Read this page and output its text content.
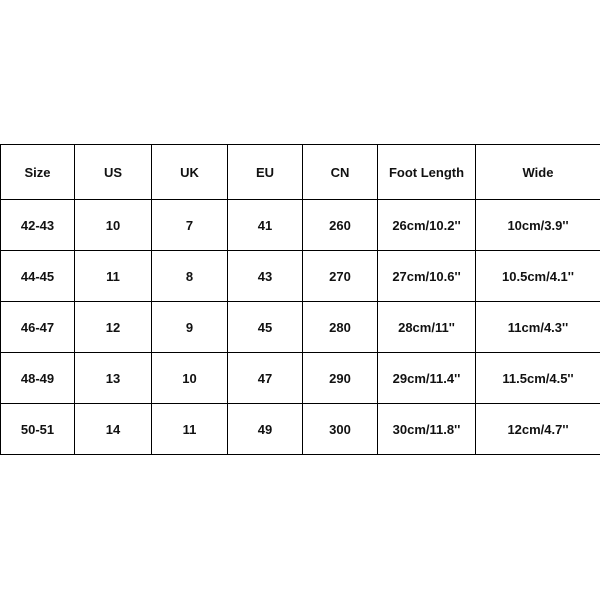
Size	US	UK	EU	CN	Foot Length	Wide
42-43	10	7	41	260	26cm/10.2''	10cm/3.9''
44-45	11	8	43	270	27cm/10.6''	10.5cm/4.1''
46-47	12	9	45	280	28cm/11''	11cm/4.3''
48-49	13	10	47	290	29cm/11.4''	11.5cm/4.5''
50-51	14	11	49	300	30cm/11.8''	12cm/4.7''
